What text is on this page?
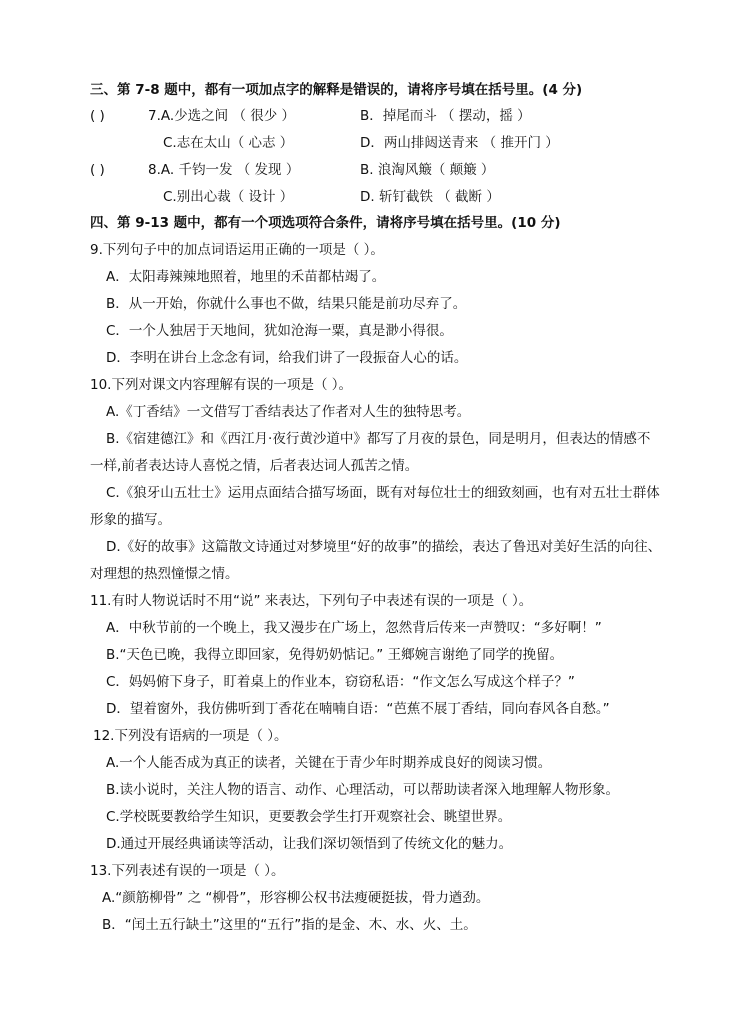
三、第 7-8 题中，都有一项加点字的解释是错误的，请将序号填在括号里。(4 分)
( )	7.A.少选之间 （ 很少 ）	B．掉尾而斗 （ 摆动，摇 ）
C.志在太山（ 心志 ）	D．两山排闼送青来 （ 推开门 ）
( )	8.A. 千钧一发 （ 发现 ）	B. 浪淘风簸（ 颠簸 ）
C.别出心裁（ 设计 ）	D. 斩钉截铁 （ 截断 ）
四、第 9-13 题中，都有一个项选项符合条件，请将序号填在括号里。(10 分)
9.下列句子中的加点词语运用正确的一项是（ ）。
A．太阳毒辣辣地照着，地里的禾苗都枯竭了。
B．从一开始，你就什么事也不做，结果只能是前功尽弃了。
C．一个人独居于天地间，犹如沧海一粟，真是渺小得很。
D．李明在讲台上念念有词，给我们讲了一段振奋人心的话。
10.下列对课文内容理解有误的一项是（ ）。
A.《丁香结》一文借写丁香结表达了作者对人生的独特思考。
B.《宿建德江》和《西江月·夜行黄沙道中》都写了月夜的景色，同是明月，但表达的情感不
一样,前者表达诗人喜悦之情，后者表达词人孤苦之情。
C.《狼牙山五壮士》运用点面结合描写场面，既有对每位壮士的细致刻画，也有对五壮士群体
形象的描写。
D.《好的故事》这篇散文诗通过对梦境里“好的故事”的描绘，表达了鲁迅对美好生活的向往、
对理想的热烈憧憬之情。
11.有时人物说话时不用“说” 来表达，下列句子中表述有误的一项是（ ）。
A．中秋节前的一个晚上，我又漫步在广场上，忽然背后传来一声赞叹：“多好啊！”
B.“天色已晚，我得立即回家，免得奶奶惦记。” 王鄉婉言谢绝了同学的挽留。
C．妈妈俯下身子，盯着桌上的作业本，窃窃私语：“作文怎么写成这个样子？”
D．望着窗外，我仿佛听到丁香花在喃喃自语：“芭蕉不展丁香结，同向春风各自愁。”
12.下列没有语病的一项是（ ）。
A.一个人能否成为真正的读者，关键在于青少年时期养成良好的阅读习惯。
B.读小说时，关注人物的语言、动作、心理活动，可以帮助读者深入地理解人物形象。
C.学校既要教给学生知识，更要教会学生打开观察社会、眺望世界。
D.通过开展经典诵读等活动，让我们深切领悟到了传统文化的魅力。
13.下列表述有误的一项是（ ）。
A.“颜筋柳骨” 之 “柳骨”，形容柳公权书法瘦硬挺拔，骨力遒劲。
B．“闰土五行缺土”这里的“五行”指的是金、木、水、火、土。
